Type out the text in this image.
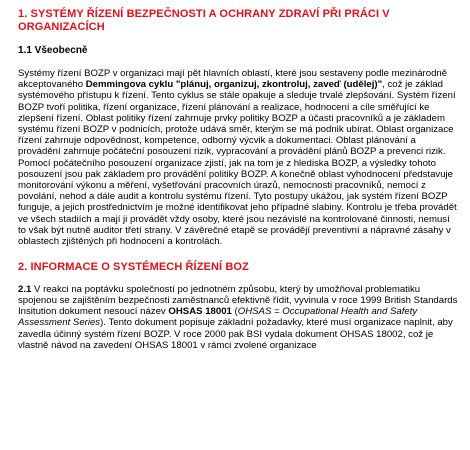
1. SYSTÉMY ŘÍZENÍ BEZPEČNOSTI A OCHRANY ZDRAVÍ PŘI PRÁCI V ORGANIZACÍCH
1.1 Všeobecně

Systémy řízení BOZP v organizaci mají pět hlavních oblastí, které jsou sestaveny podle mezinárodně akceptovaného Demmingova cyklu "plánuj, organizuj, zkontroluj, zaveď (udělej)", což je základ systémového přístupu k řízení. Tento cyklus se stále opakuje a sleduje trvalé zlepšování. Systém řízení BOZP tvoří politika, řízení organizace, řízení plánování a realizace, hodnocení a cíle směřující ke zlepšení řízení. Oblast politiky řízení zahrnuje prvky politiky BOZP a účasti pracovníků a je základem systému řízení BOZP v podnicích, protože udává směr, kterým se má podnik ubírat. Oblast organizace řízení zahrnuje odpovědnost, kompetence, odborný výcvik a dokumentaci. Oblast plánování a provádění zahrnuje počáteční posouzení rizik, vypracování a provádění plánů BOZP a prevenci rizik. Pomocí počátečního posouzení organizace zjistí, jak na tom je z hlediska BOZP, a výsledky tohoto posouzení jsou pak základem pro provádění politiky BOZP. A konečně oblast vyhodnocení představuje monitorování výkonu a měření, vyšetřování pracovních úrazů, nemocnosti pracovníků, nemocí z povolání, nehod a dále audit a kontrolu systému řízení. Tyto postupy ukážou, jak systém řízení BOZP funguje, a jejich prostřednictvím je možné identifikovat jeho případné slabiny. Kontrolu je třeba provádět ve všech stadiích a mají ji provádět vždy osoby, které jsou nezávislé na kontrolované činnosti, nemusí to však být nutně auditor třetí strany. V závěrečné etapě se provádějí preventivní a nápravné zásahy v oblastech zjištěných při hodnocení a kontrolách.

2. INFORMACE O SYSTÉMECH ŘÍZENÍ BOZ

2.1 V reakci na poptávku společností po jednotném způsobu, který by umožňoval problematiku spojenou se zajištěním bezpečnosti zaměstnanců efektivně řídit, vyvinula v roce 1999 British Standards Insitution dokument nesoucí název OHSAS 18001 (OHSAS = Occupational Health and Safety Assessment Series). Tento dokument popisuje základní požadavky, které musí organizace naplnit, aby zavedla účinný systém řízení BOZP. V roce 2000 pak BSI vydala dokument OHSAS 18002, což je vlastně návod na zavedení OHSAS 18001 v rámci zvolené organizace
